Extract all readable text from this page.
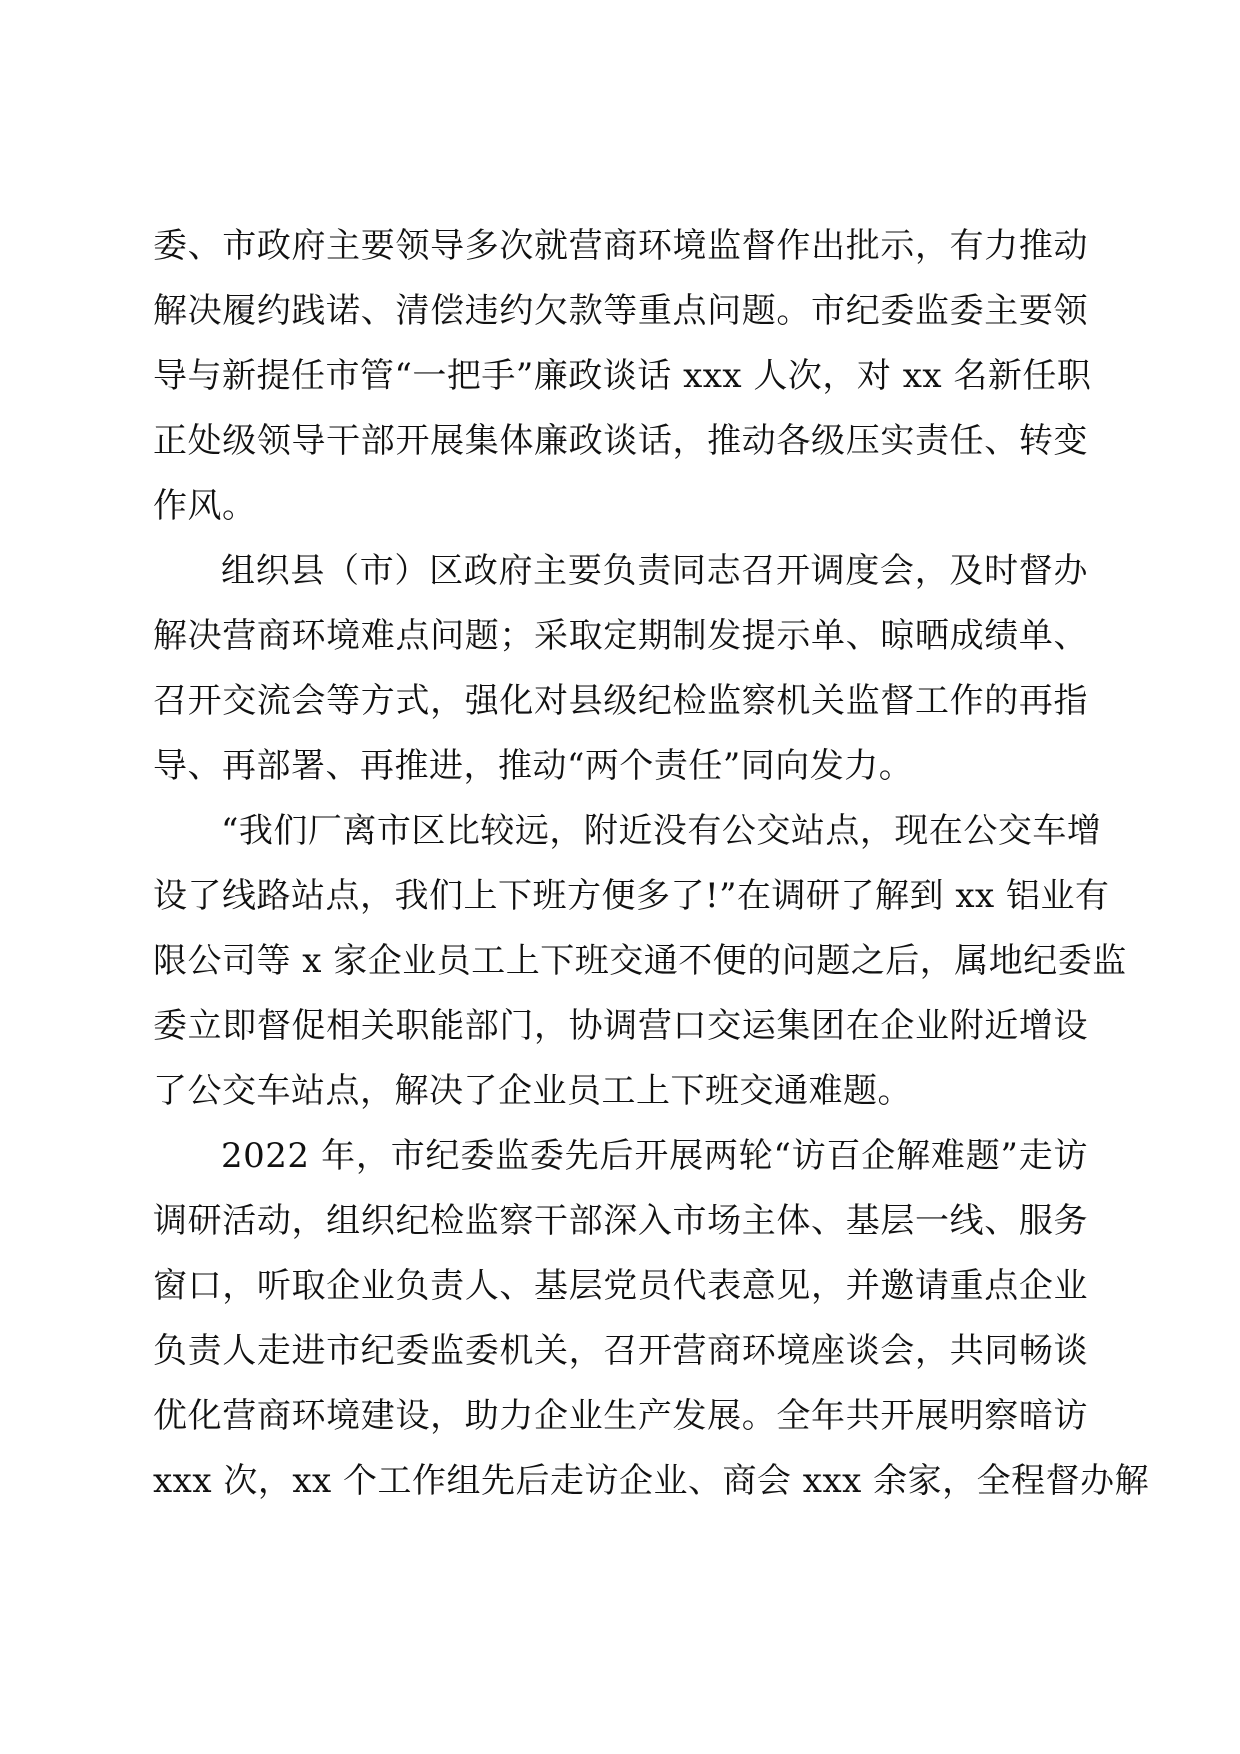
委、市政府主要领导多次就营商环境监督作出批示，有力推动
解决履约践诺、清偿违约欠款等重点问题。市纪委监委主要领
导与新提任市管“一把手”廉政谈话 xxx 人次，对 xx 名新任职
正处级领导干部开展集体廉政谈话，推动各级压实责任、转变
作风。
组织县（市）区政府主要负责同志召开调度会，及时督办
解决营商环境难点问题；采取定期制发提示单、晾晒成绩单、
召开交流会等方式，强化对县级纪检监察机关监督工作的再指
导、再部署、再推进，推动“两个责任”同向发力。
“我们厂离市区比较远，附近没有公交站点，现在公交车增
设了线路站点，我们上下班方便多了!”在调研了解到 xx 铝业有
限公司等 x 家企业员工上下班交通不便的问题之后，属地纪委监
委立即督促相关职能部门，协调营口交运集团在企业附近增设
了公交车站点，解决了企业员工上下班交通难题。
2022 年，市纪委监委先后开展两轮“访百企解难题”走访
调研活动，组织纪检监察干部深入市场主体、基层一线、服务
窗口，听取企业负责人、基层党员代表意见，并邀请重点企业
负责人走进市纪委监委机关，召开营商环境座谈会，共同畅谈
优化营商环境建设，助力企业生产发展。全年共开展明察暗访
xxx 次，xx 个工作组先后走访企业、商会 xxx 余家，全程督办解
